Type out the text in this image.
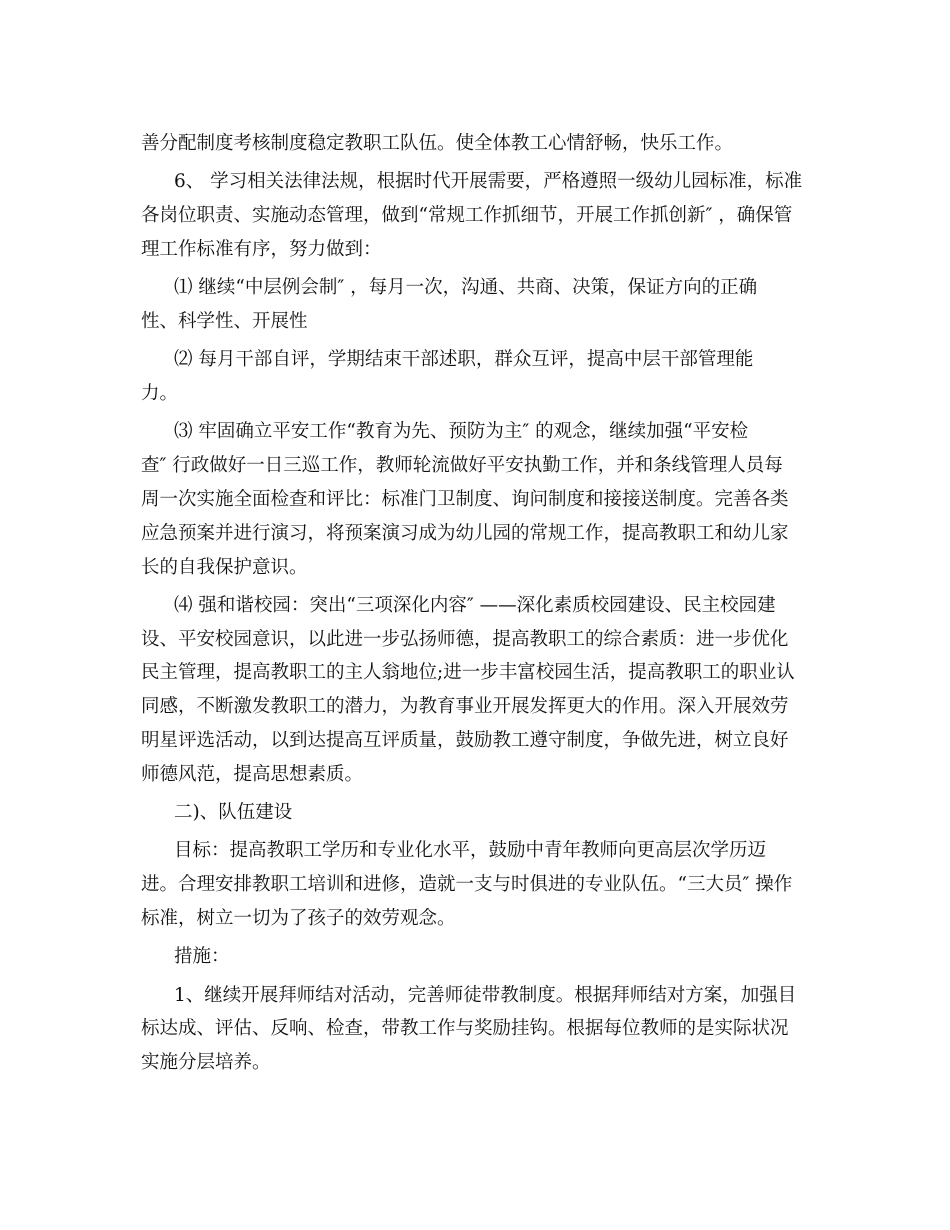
善分配制度考核制度稳定教职工队伍。使全体教工心情舒畅，快乐工作。
6、 学习相关法律法规，根据时代开展需要，严格遵照一级幼儿园标准，标准
各岗位职责、实施动态管理，做到“常规工作抓细节，开展工作抓创新″ ，确保管
理工作标准有序，努力做到：
⑴ 继续“中层例会制″ ，每月一次，沟通、共商、决策，保证方向的正确
性、科学性、开展性
⑵ 每月干部自评，学期结束干部述职，群众互评，提高中层干部管理能
力。
⑶ 牢固确立平安工作“教育为先、预防为主″ 的观念，继续加强“平安检
查″ 行政做好一日三巡工作，教师轮流做好平安执勤工作，并和条线管理人员每
周一次实施全面检查和评比：标准门卫制度、询问制度和接接送制度。完善各类
应急预案并进行演习，将预案演习成为幼儿园的常规工作，提高教职工和幼儿家
长的自我保护意识。
⑷ 强和谐校园：突出“三项深化内容″ ——深化素质校园建设、民主校园建
设、平安校园意识，以此进一步弘扬师德，提高教职工的综合素质：进一步优化
民主管理，提高教职工的主人翁地位;进一步丰富校园生活，提高教职工的职业认
同感，不断激发教职工的潜力，为教育事业开展发挥更大的作用。深入开展效劳
明星评选活动，以到达提高互评质量，鼓励教工遵守制度，争做先进，树立良好
师德风范，提高思想素质。
二)、队伍建设
目标：提高教职工学历和专业化水平，鼓励中青年教师向更高层次学历迈
进。合理安排教职工培训和进修，造就一支与时俱进的专业队伍。“三大员″ 操作
标准，树立一切为了孩子的效劳观念。
措施：
1、继续开展拜师结对活动，完善师徒带教制度。根据拜师结对方案，加强目
标达成、评估、反响、检查，带教工作与奖励挂钩。根据每位教师的是实际状况
实施分层培养。
